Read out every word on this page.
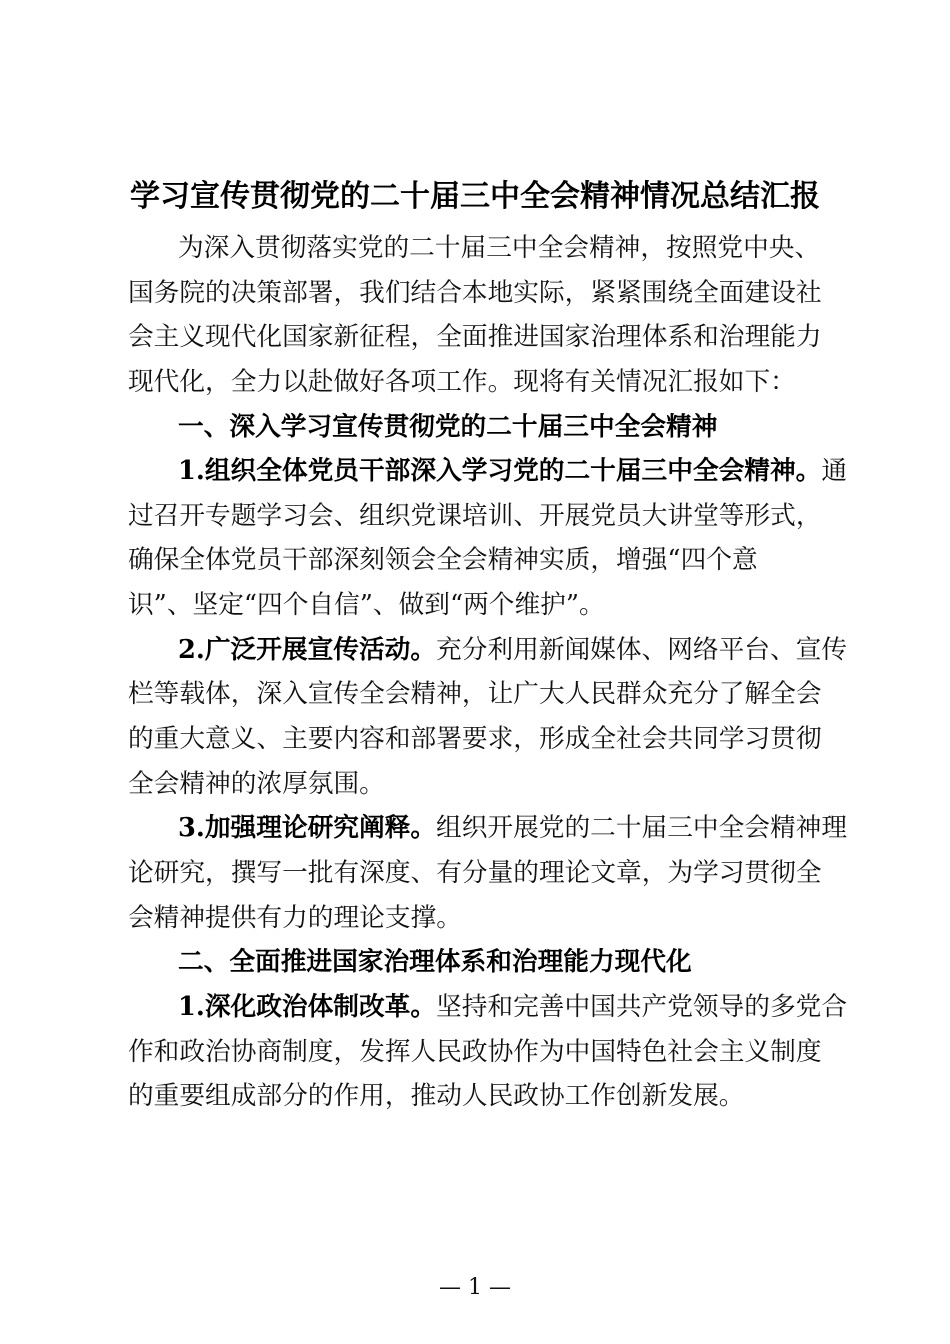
学习宣传贯彻党的二十届三中全会精神情况总结汇报
为深入贯彻落实党的二十届三中全会精神，按照党中央、
国务院的决策部署，我们结合本地实际，紧紧围绕全面建设社
会主义现代化国家新征程，全面推进国家治理体系和治理能力
现代化，全力以赴做好各项工作。现将有关情况汇报如下：
一、深入学习宣传贯彻党的二十届三中全会精神
1.组织全体党员干部深入学习党的二十届三中全会精神。通
过召开专题学习会、组织党课培训、开展党员大讲堂等形式，
确保全体党员干部深刻领会全会精神实质，增强“四个意
识”、坚定“四个自信”、做到“两个维护”。
2.广泛开展宣传活动。充分利用新闻媒体、网络平台、宣传
栏等载体，深入宣传全会精神，让广大人民群众充分了解全会
的重大意义、主要内容和部署要求，形成全社会共同学习贯彻
全会精神的浓厚氛围。
3.加强理论研究阐释。组织开展党的二十届三中全会精神理
论研究，撰写一批有深度、有分量的理论文章，为学习贯彻全
会精神提供有力的理论支撑。
二、全面推进国家治理体系和治理能力现代化
1.深化政治体制改革。坚持和完善中国共产党领导的多党合
作和政治协商制度，发挥人民政协作为中国特色社会主义制度
的重要组成部分的作用，推动人民政协工作创新发展。
— 1 —
